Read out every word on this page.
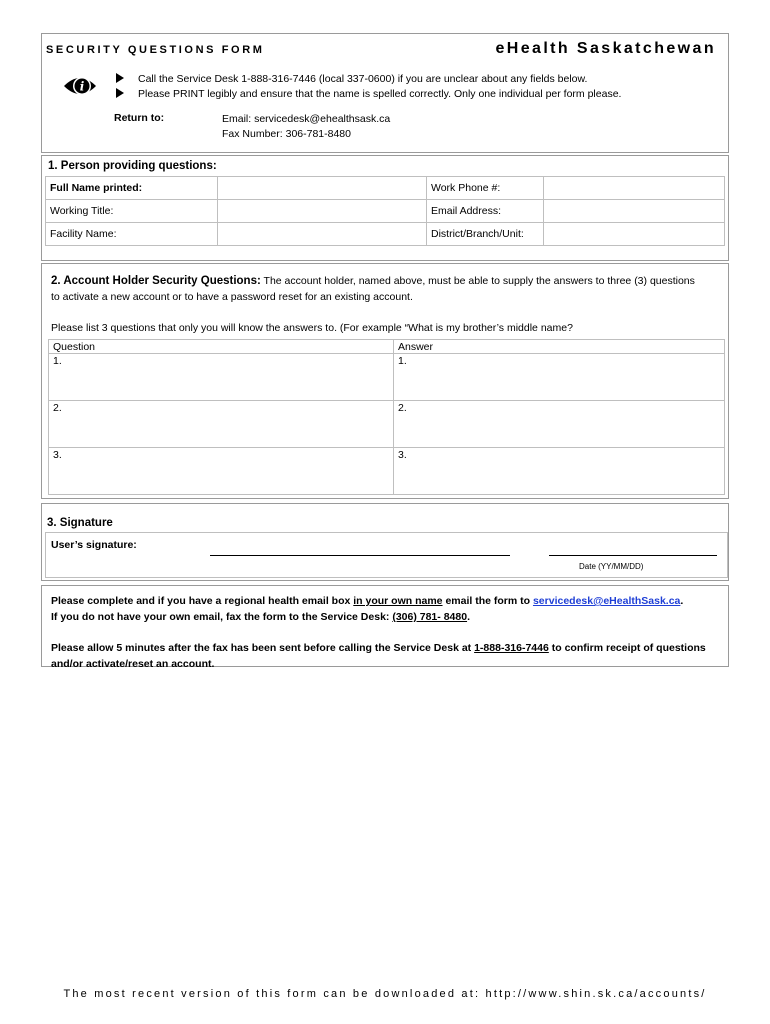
SECURITY QUESTIONS FORM	eHealth Saskatchewan
i
Call the Service Desk 1-888-316-7446 (local 337-0600) if you are unclear about any fields below.
Please PRINT legibly and ensure that the name is spelled correctly. Only one individual per form please.
Return to:	Email: servicedesk@ehealthsask.ca
Fax Number: 306-781-8480
1. Person providing questions:
Full Name printed:		Work Phone #:	
Working Title:		Email Address:	
Facility Name:		District/Branch/Unit:	
2. Account Holder Security Questions: The account holder, named above, must be able to supply the answers to three (3) questions to activate a new account or to have a password reset for an existing account.
Please list 3 questions that only you will know the answers to. (For example “What is my brother’s middle name?
Question	Answer
1.	1.
2.	2.
3.	3.
3. Signature
User’s signature:
Date (YY/MM/DD)

Please complete and if you have a regional health email box in your own name email the form to servicedesk@eHealthSask.ca.
If you do not have your own email, fax the form to the Service Desk: (306) 781- 8480.

Please allow 5 minutes after the fax has been sent before calling the Service Desk at 1-888-316-7446 to confirm receipt of questions and/or activate/reset an account.

The most recent version of this form can be downloaded at: http://www.shin.sk.ca/accounts/
